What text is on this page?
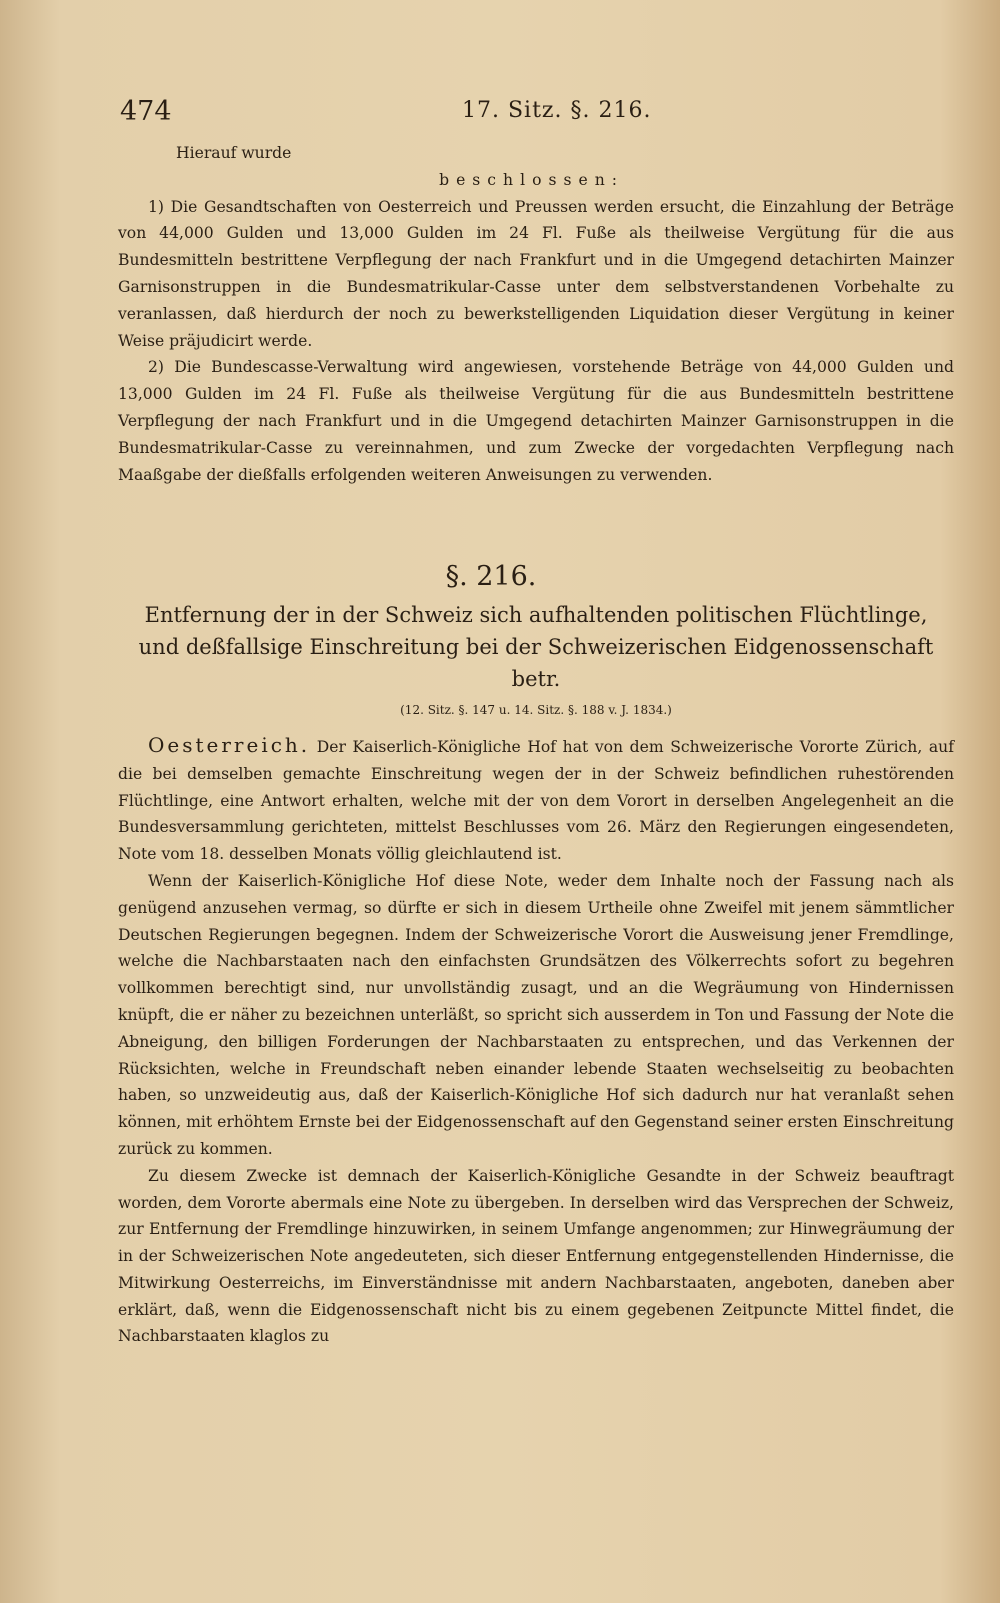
474	17. Sitz. §. 216.

Hierauf wurde

beschlossen:

1) Die Gesandtschaften von Oesterreich und Preussen werden ersucht, die Einzahlung der Beträge von 44,000 Gulden und 13,000 Gulden im 24 Fl. Fuße als theilweise Vergütung für die aus Bundesmitteln bestrittene Verpflegung der nach Frankfurt und in die Umgegend detachirten Mainzer Garnisonstruppen in die Bundesmatrikular-Casse unter dem selbstverstandenen Vorbehalte zu veranlassen, daß hierdurch der noch zu bewerkstelligenden Liquidation dieser Vergütung in keiner Weise präjudicirt werde.

2) Die Bundescasse-Verwaltung wird angewiesen, vorstehende Beträge von 44,000 Gulden und 13,000 Gulden im 24 Fl. Fuße als theilweise Vergütung für die aus Bundesmitteln bestrittene Verpflegung der nach Frankfurt und in die Umgegend detachirten Mainzer Garnisonstruppen in die Bundesmatrikular-Casse zu vereinnahmen, und zum Zwecke der vorgedachten Verpflegung nach Maaßgabe der dießfalls erfolgenden weiteren Anweisungen zu verwenden.

§. 216.

Entfernung der in der Schweiz sich aufhaltenden politischen Flüchtlinge, und deßfallsige Einschreitung bei der Schweizerischen Eidgenossenschaft betr.

(12. Sitz. §. 147 u. 14. Sitz. §. 188 v. J. 1834.)

Oesterreich. Der Kaiserlich-Königliche Hof hat von dem Schweizerische Vororte Zürich, auf die bei demselben gemachte Einschreitung wegen der in der Schweiz befindlichen ruhestörenden Flüchtlinge, eine Antwort erhalten, welche mit der von dem Vorort in derselben Angelegenheit an die Bundesversammlung gerichteten, mittelst Beschlusses vom 26. März den Regierungen eingesendeten, Note vom 18. desselben Monats völlig gleichlautend ist.

Wenn der Kaiserlich-Königliche Hof diese Note, weder dem Inhalte noch der Fassung nach als genügend anzusehen vermag, so dürfte er sich in diesem Urtheile ohne Zweifel mit jenem sämmtlicher Deutschen Regierungen begegnen. Indem der Schweizerische Vorort die Ausweisung jener Fremdlinge, welche die Nachbarstaaten nach den einfachsten Grundsätzen des Völkerrechts sofort zu begehren vollkommen berechtigt sind, nur unvollständig zusagt, und an die Wegräumung von Hindernissen knüpft, die er näher zu bezeichnen unterläßt, so spricht sich ausserdem in Ton und Fassung der Note die Abneigung, den billigen Forderungen der Nachbarstaaten zu entsprechen, und das Verkennen der Rücksichten, welche in Freundschaft neben einander lebende Staaten wechselseitig zu beobachten haben, so unzweideutig aus, daß der Kaiserlich-Königliche Hof sich dadurch nur hat veranlaßt sehen können, mit erhöhtem Ernste bei der Eidgenossenschaft auf den Gegenstand seiner ersten Einschreitung zurück zu kommen.

Zu diesem Zwecke ist demnach der Kaiserlich-Königliche Gesandte in der Schweiz beauftragt worden, dem Vororte abermals eine Note zu übergeben. In derselben wird das Versprechen der Schweiz, zur Entfernung der Fremdlinge hinzuwirken, in seinem Umfange angenommen; zur Hinwegräumung der in der Schweizerischen Note angedeuteten, sich dieser Entfernung entgegenstellenden Hindernisse, die Mitwirkung Oesterreichs, im Einverständnisse mit andern Nachbarstaaten, angeboten, daneben aber erklärt, daß, wenn die Eidgenossenschaft nicht bis zu einem gegebenen Zeitpuncte Mittel findet, die Nachbarstaaten klaglos zu
